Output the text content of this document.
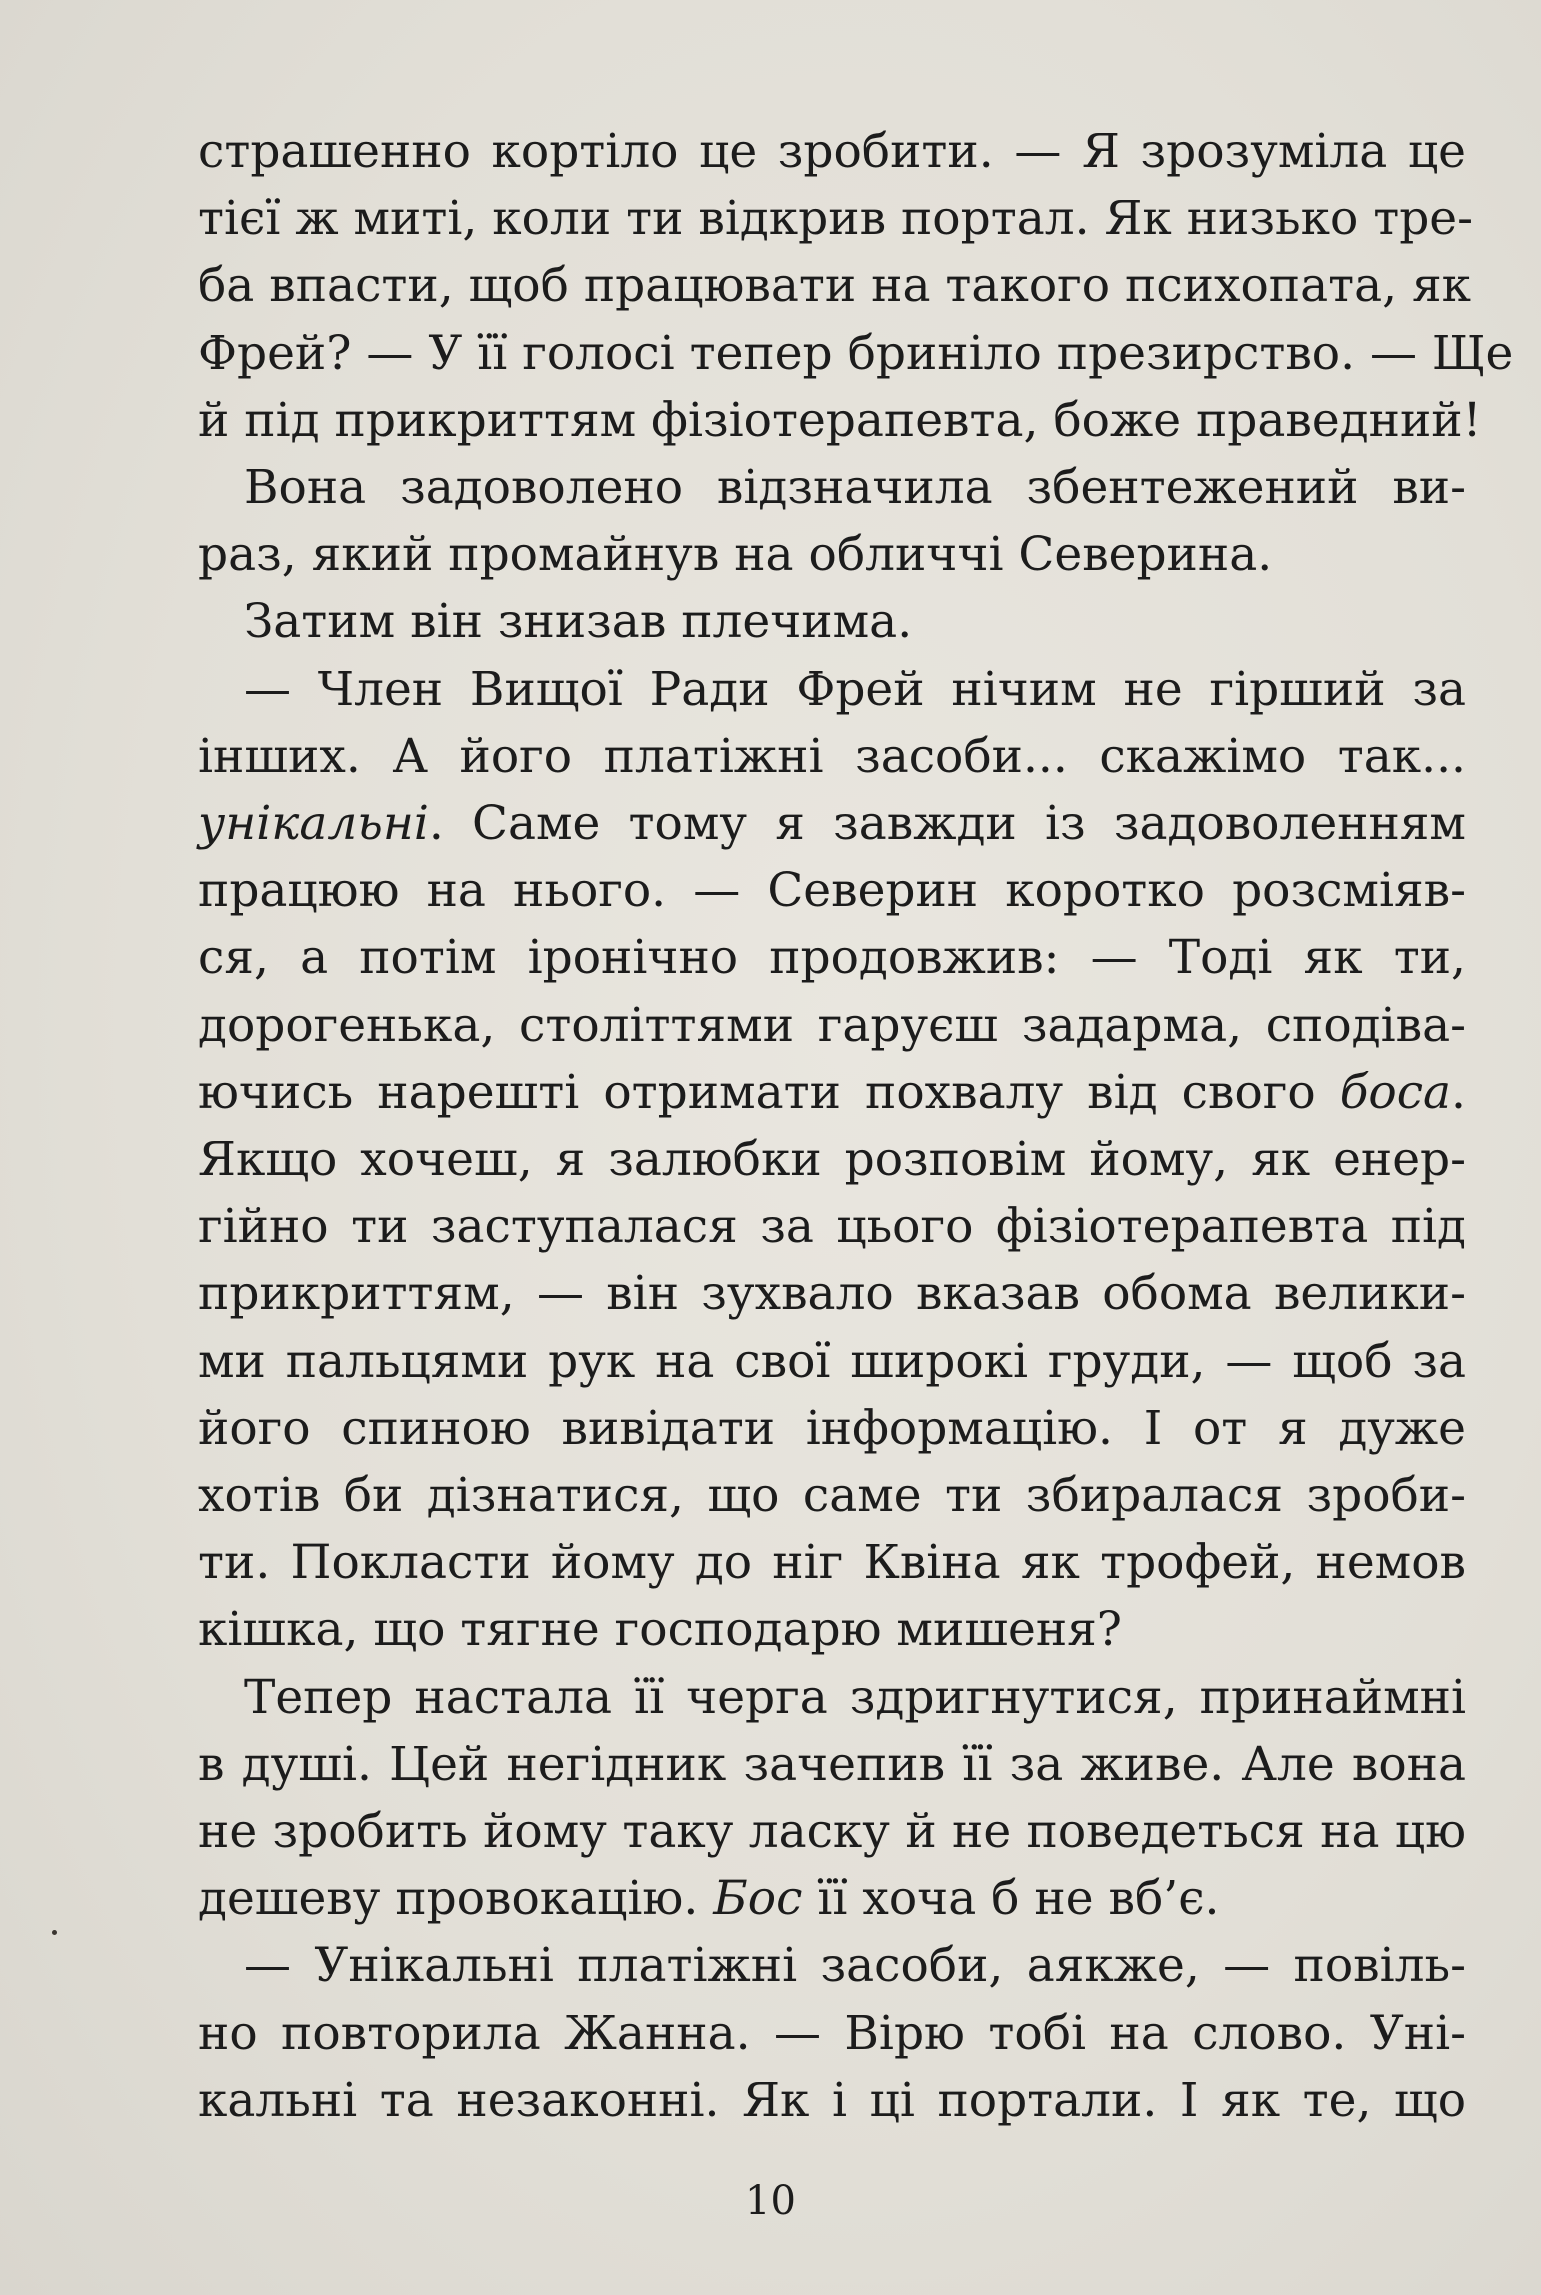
страшенно кортіло це зробити. — Я зрозуміла це
тієї ж миті, коли ти відкрив портал. Як низько тре-
ба впасти, щоб працювати на такого психопата, як
Фрей? — У її голосі тепер бриніло презирство. — Ще
й під прикриттям фізіотерапевта, боже праведний!
Вона задоволено відзначила збентежений ви-
раз, який промайнув на обличчі Северина.
Затим він знизав плечима.
— Член Вищої Ради Фрей нічим не гірший за
інших. А його платіжні засоби... скажімо так...
унікальні. Саме тому я завжди із задоволенням
працюю на нього. — Северин коротко розсміяв-
ся, а потім іронічно продовжив: — Тоді як ти,
дорогенька, століттями гаруєш задарма, сподіва-
ючись нарешті отримати похвалу від свого боса.
Якщо хочеш, я залюбки розповім йому, як енер-
гійно ти заступалася за цього фізіотерапевта під
прикриттям, — він зухвало вказав обома велики-
ми пальцями рук на свої широкі груди, — щоб за
його спиною вивідати інформацію. І от я дуже
хотів би дізнатися, що саме ти збиралася зроби-
ти. Покласти йому до ніг Квіна як трофей, немов
кішка, що тягне господарю мишеня?
Тепер настала її черга здригнутися, принаймні
в душі. Цей негідник зачепив її за живе. Але вона
не зробить йому таку ласку й не поведеться на цю
дешеву провокацію. Бос її хоча б не вб’є.
— Унікальні платіжні засоби, аякже, — повіль-
но повторила Жанна. — Вірю тобі на слово. Уні-
кальні та незаконні. Як і ці портали. І як те, що
10
